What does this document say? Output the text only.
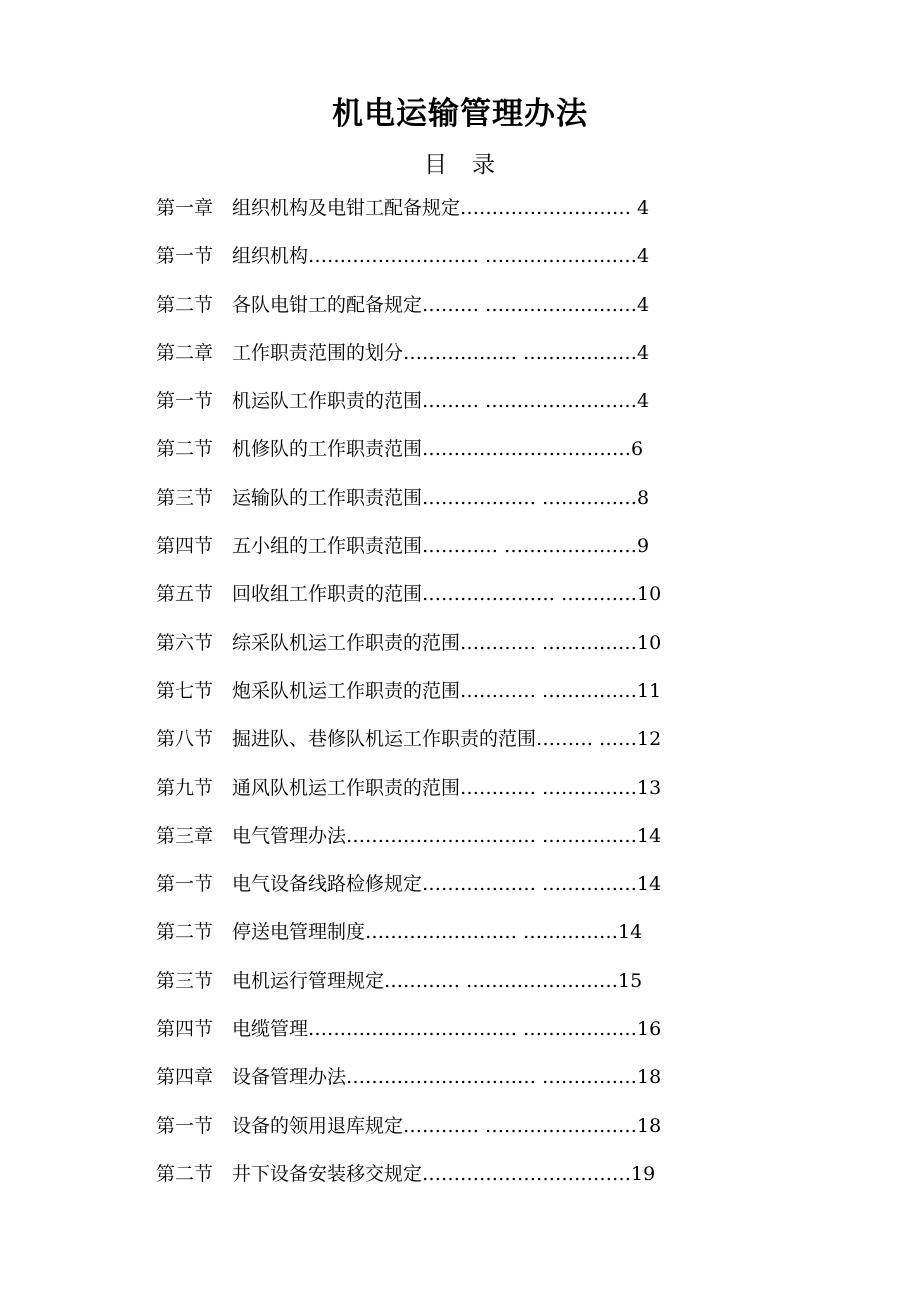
机电运输管理办法
目　录
第一章 组织机构及电钳工配备规定……………………… 4
第一节 组织机构……………………… ……………………4
第二节 各队电钳工的配备规定……… ……………………4
第二章 工作职责范围的划分……………… ………………4
第一节 机运队工作职责的范围……… ……………………4
第二节 机修队的工作职责范围……………………………6
第三节 运输队的工作职责范围……………… ……………8
第四节 五小组的工作职责范围………… …………………9
第五节 回收组工作职责的范围………………… …………10
第六节 综采队机运工作职责的范围………… ……………10
第七节 炮采队机运工作职责的范围………… ……………11
第八节 掘进队、巷修队机运工作职责的范围……… ……12
第九节 通风队机运工作职责的范围………… ……………13
第三章 电气管理办法………………………… ……………14
第一节 电气设备线路检修规定……………… ……………14
第二节 停送电管理制度…………………… ……………14
第三节 电机运行管理规定………… ……………………15
第四节 电缆管理…………………………… ………………16
第四章 设备管理办法………………………… ……………18
第一节 设备的领用退库规定………… ……………………18
第二节 井下设备安装移交规定……………………………19
